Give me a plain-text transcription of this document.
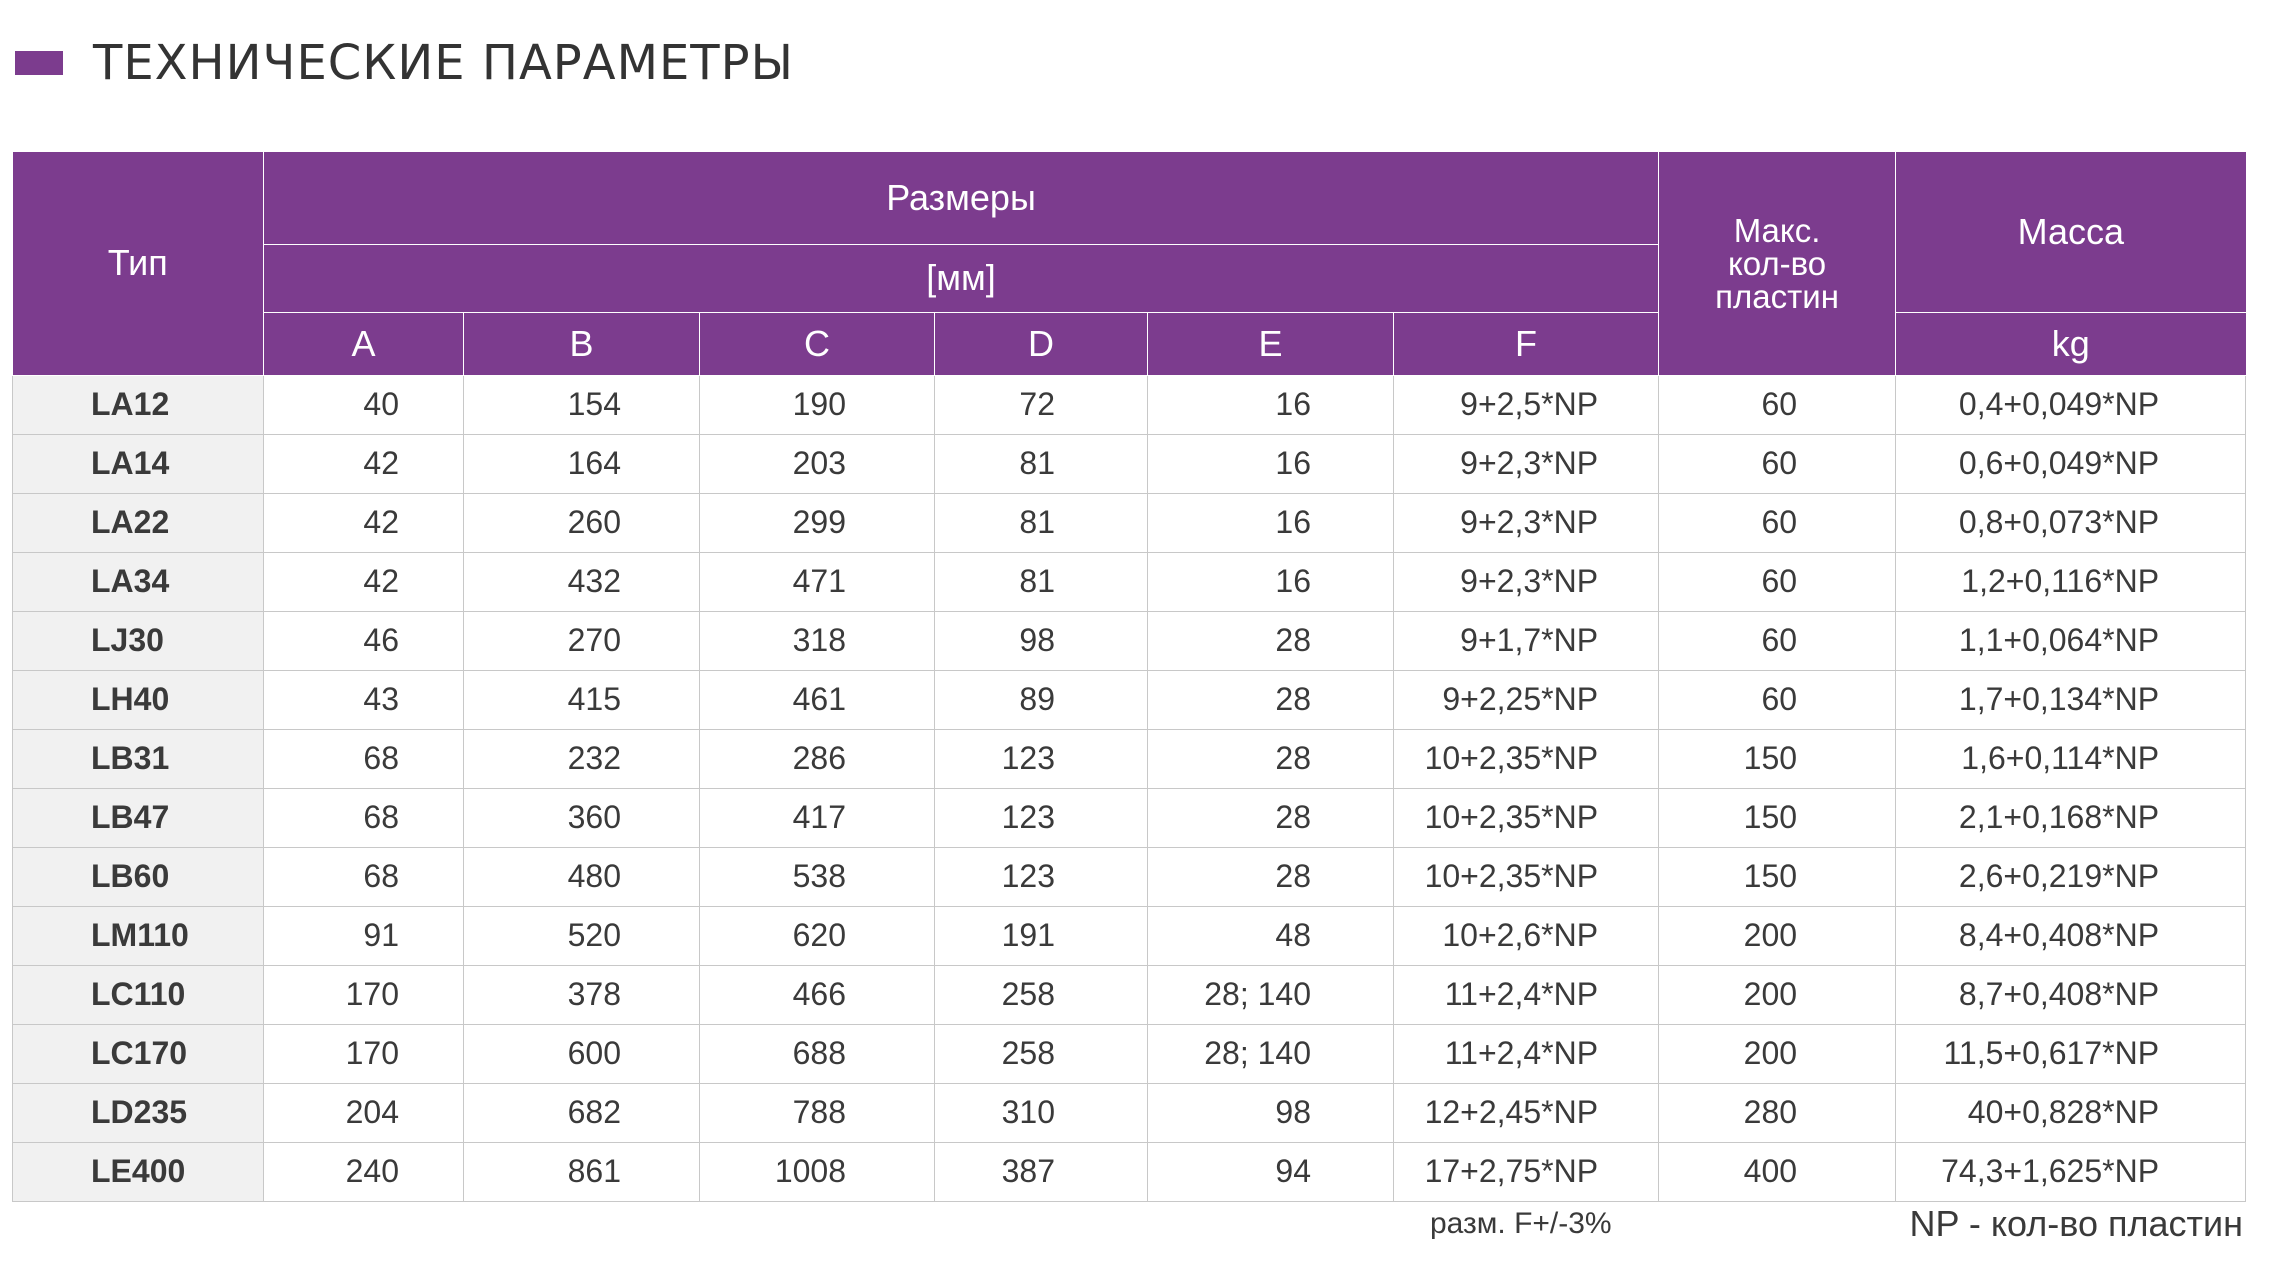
ТЕХНИЧЕСКИЕ ПАРАМЕТРЫ
Тип	Размеры						Макс.
кол-во
пластин	Масса
	[мм]							
	A	B	C	D	E	F		kg
LA12	40	154	190	72	16	9+2,5*NP	60	0,4+0,049*NP
LA14	42	164	203	81	16	9+2,3*NP	60	0,6+0,049*NP
LA22	42	260	299	81	16	9+2,3*NP	60	0,8+0,073*NP
LA34	42	432	471	81	16	9+2,3*NP	60	1,2+0,116*NP
LJ30	46	270	318	98	28	9+1,7*NP	60	1,1+0,064*NP
LH40	43	415	461	89	28	9+2,25*NP	60	1,7+0,134*NP
LB31	68	232	286	123	28	10+2,35*NP	150	1,6+0,114*NP
LB47	68	360	417	123	28	10+2,35*NP	150	2,1+0,168*NP
LB60	68	480	538	123	28	10+2,35*NP	150	2,6+0,219*NP
LM110	91	520	620	191	48	10+2,6*NP	200	8,4+0,408*NP
LC110	170	378	466	258	28; 140	11+2,4*NP	200	8,7+0,408*NP
LC170	170	600	688	258	28; 140	11+2,4*NP	200	11,5+0,617*NP
LD235	204	682	788	310	98	12+2,45*NP	280	40+0,828*NP
LE400	240	861	1008	387	94	17+2,75*NP	400	74,3+1,625*NP
разм. F+/-3%	NP - кол-во пластин
